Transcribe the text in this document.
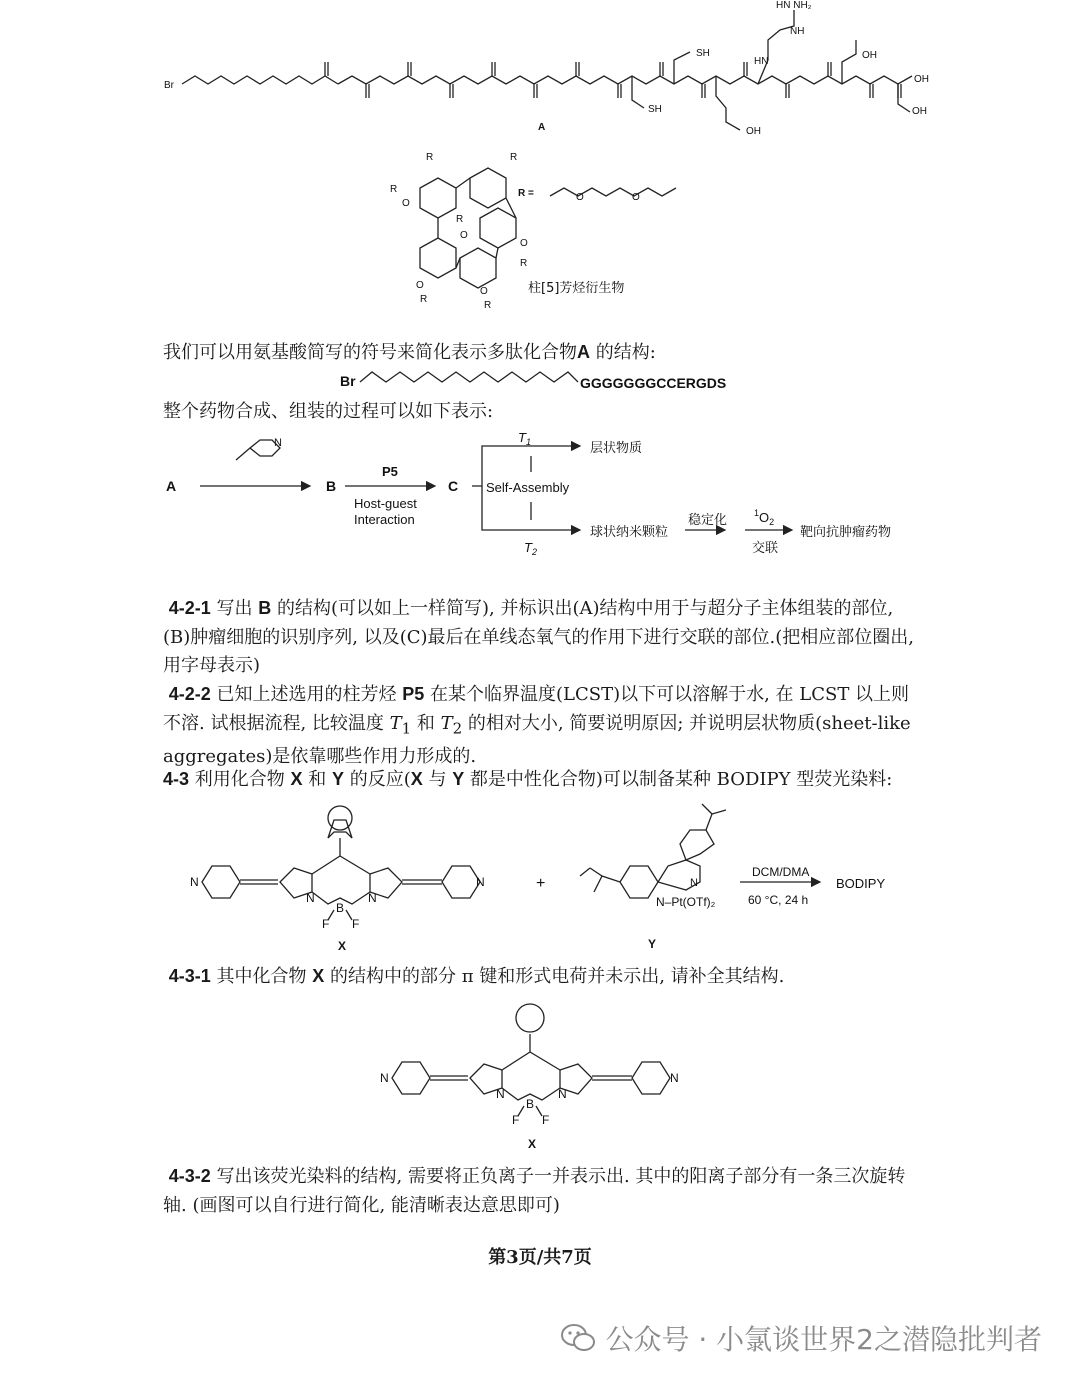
Br
SH
SH
HN NH₂
NH
HN
OH
OH
OH
OH
A
R	R
R
O
R
O
O
R
O
R
O
R
R =	O	O
柱[5]芳烃衍生物
我们可以用氨基酸简写的符号来简化表示多肽化合物A 的结构:
Br	GGGGGGGCCERGDS
整个药物合成、组装的过程可以如下表示:
A	B	C
P5
Host-guest
Interaction
N	$T_1$
$T_2$
Self-Assembly
层状物质
球状纳米颗粒
稳定化	$^1O_2$
交联
靶向抗肿瘤药物
4-2-1 写出 B 的结构(可以如上一样简写), 并标识出(A)结构中用于与超分子主体组装的部位, (B)肿瘤细胞的识别序列, 以及(C)最后在单线态氧气的作用下进行交联的部位.(把相应部位圈出, 用字母表示)
4-2-2 已知上述选用的柱芳烃 P5 在某个临界温度(LCST)以下可以溶解于水, 在 LCST 以上则不溶. 试根据流程, 比较温度 $T_1$ 和 $T_2$ 的相对大小, 简要说明原因; 并说明层状物质(sheet-like aggregates)是依靠哪些作用力形成的.
4-3 利用化合物 X 和 Y 的反应(X 与 Y 都是中性化合物)可以制备某种 BODIPY 型荧光染料:
N	N
N	N
B
F F
+	N
N–Pt(OTf)₂
DCM/DMA
60 °C, 24 h
BODIPY
X	Y
4-3-1 其中化合物 X 的结构中的部分 π 键和形式电荷并未示出, 请补全其结构.
N	N
N	N
B
F F
X
4-3-2 写出该荧光染料的结构, 需要将正负离子一并表示出. 其中的阳离子部分有一条三次旋转轴. (画图可以自行进行简化, 能清晰表达意思即可)
第3页/共7页
公众号 · 小氯谈世界2之潜隐批判者
